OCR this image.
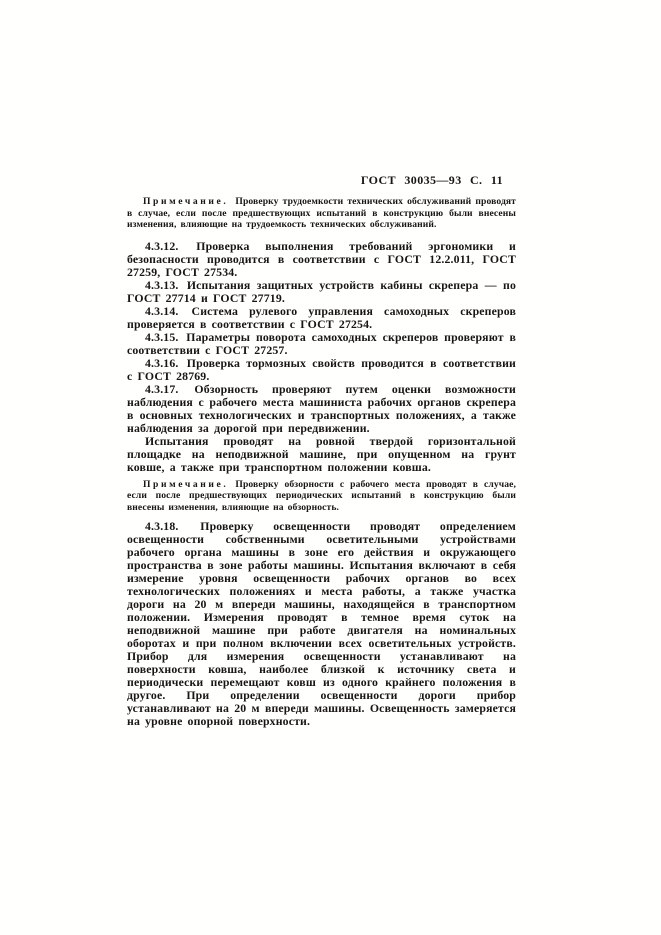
ГОСТ 30035—93 С. 11

Примечание. Проверку трудоемкости технических обслуживаний проводят в случае, если после предшествующих испытаний в конструкцию были внесены изменения, влияющие на трудоемкость технических обслуживаний.

4.3.12. Проверка выполнения требований эргономики и безопасности проводится в соответствии с ГОСТ 12.2.011, ГОСТ 27259, ГОСТ 27534.

4.3.13. Испытания защитных устройств кабины скрепера — по ГОСТ 27714 и ГОСТ 27719.

4.3.14. Система рулевого управления самоходных скреперов проверяется в соответствии с ГОСТ 27254.

4.3.15. Параметры поворота самоходных скреперов проверяют в соответствии с ГОСТ 27257.

4.3.16. Проверка тормозных свойств проводится в соответствии с ГОСТ 28769.

4.3.17. Обзорность проверяют путем оценки возможности наблюдения с рабочего места машиниста рабочих органов скрепера в основных технологических и транспортных положениях, а также наблюдения за дорогой при передвижении.

Испытания проводят на ровной твердой горизонтальной площадке на неподвижной машине, при опущенном на грунт ковше, а также при транспортном положении ковша.

Примечание. Проверку обзорности с рабочего места проводят в случае, если после предшествующих периодических испытаний в конструкцию были внесены изменения, влияющие на обзорность.

4.3.18. Проверку освещенности проводят определением освещенности собственными осветительными устройствами рабочего органа машины в зоне его действия и окружающего пространства в зоне работы машины. Испытания включают в себя измерение уровня освещенности рабочих органов во всех технологических положениях и места работы, а также участка дороги на 20 м впереди машины, находящейся в транспортном положении. Измерения проводят в темное время суток на неподвижной машине при работе двигателя на номинальных оборотах и при полном включении всех осветительных устройств. Прибор для измерения освещенности устанавливают на поверхности ковша, наиболее близкой к источнику света и периодически перемещают ковш из одного крайнего положения в другое. При определении освещенности дороги прибор устанавливают на 20 м впереди машины. Освещенность замеряется на уровне опорной поверхности.
